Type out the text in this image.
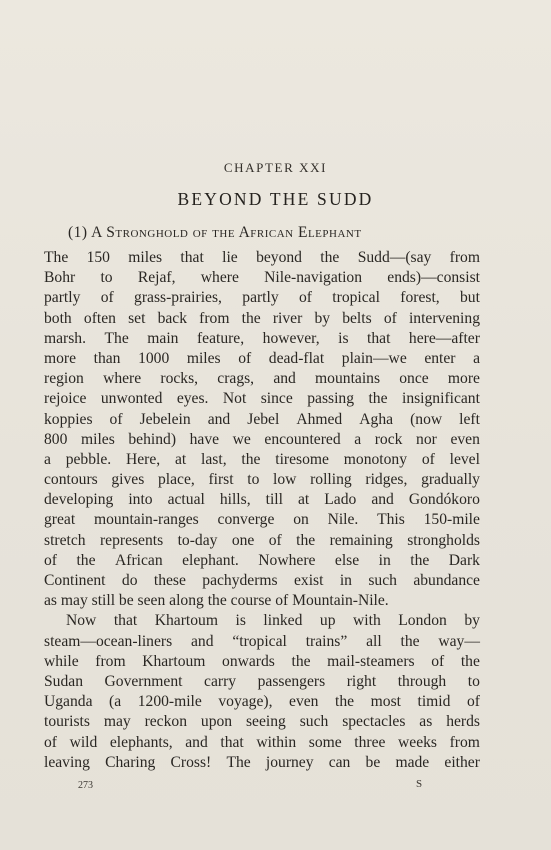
CHAPTER XXI
BEYOND THE SUDD
(1) A Stronghold of the African Elephant
The 150 miles that lie beyond the Sudd—(say from
Bohr to Rejaf, where Nile-navigation ends)—consist
partly of grass-prairies, partly of tropical forest, but
both often set back from the river by belts of intervening
marsh. The main feature, however, is that here—after
more than 1000 miles of dead-flat plain—we enter a
region where rocks, crags, and mountains once more
rejoice unwonted eyes. Not since passing the insignificant
koppies of Jebelein and Jebel Ahmed Agha (now left
800 miles behind) have we encountered a rock nor even
a pebble. Here, at last, the tiresome monotony of level
contours gives place, first to low rolling ridges, gradually
developing into actual hills, till at Lado and Gondókoro
great mountain-ranges converge on Nile. This 150-mile
stretch represents to-day one of the remaining strongholds
of the African elephant. Nowhere else in the Dark
Continent do these pachyderms exist in such abundance
as may still be seen along the course of Mountain-Nile.
Now that Khartoum is linked up with London by
steam—ocean-liners and “tropical trains” all the way—
while from Khartoum onwards the mail-steamers of the
Sudan Government carry passengers right through to
Uganda (a 1200-mile voyage), even the most timid of
tourists may reckon upon seeing such spectacles as herds
of wild elephants, and that within some three weeks from
leaving Charing Cross! The journey can be made either
273	S
